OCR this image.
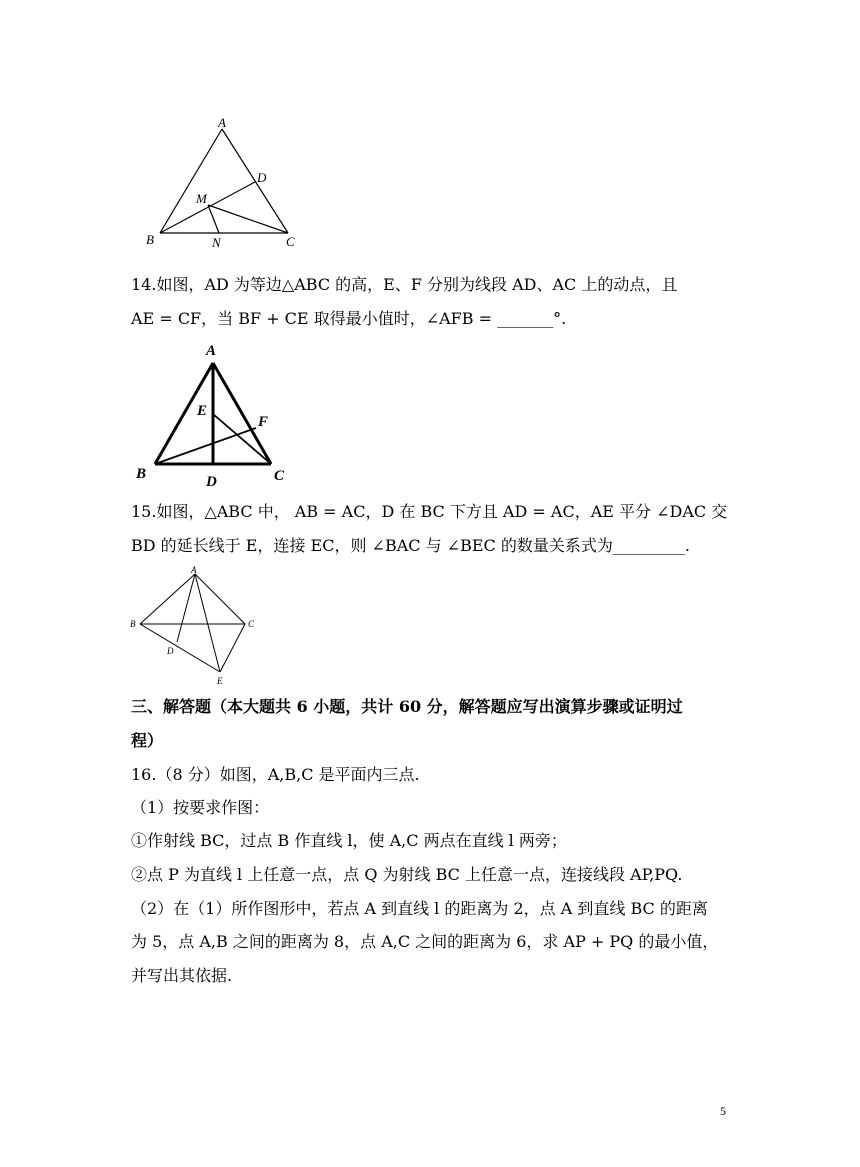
A
B	C
D
M
N
14.如图，AD 为等边△ABC 的高，E、F 分别为线段 AD、AC 上的动点，且
AE = CF，当 BF + CE 取得最小值时，∠AFB = _______°.
A
B	C
D
E
F
15.如图，△ABC 中， AB = AC，D 在 BC 下方且 AD = AC，AE 平分 ∠DAC 交
BD 的延长线于 E，连接 EC，则 ∠BAC 与 ∠BEC 的数量关系式为_________.
A
B	C
D
E
三、解答题（本大题共 6 小题，共计 60 分，解答题应写出演算步骤或证明过
程）
16.（8 分）如图，A,B,C 是平面内三点.
（1）按要求作图：
①作射线 BC，过点 B 作直线 l，使 A,C 两点在直线 l 两旁；
②点 P 为直线 l 上任意一点，点 Q 为射线 BC 上任意一点，连接线段 AP,PQ.
（2）在（1）所作图形中，若点 A 到直线 l 的距离为 2，点 A 到直线 BC 的距离
为 5，点 A,B 之间的距离为 8，点 A,C 之间的距离为 6，求 AP + PQ 的最小值，
并写出其依据.
5
